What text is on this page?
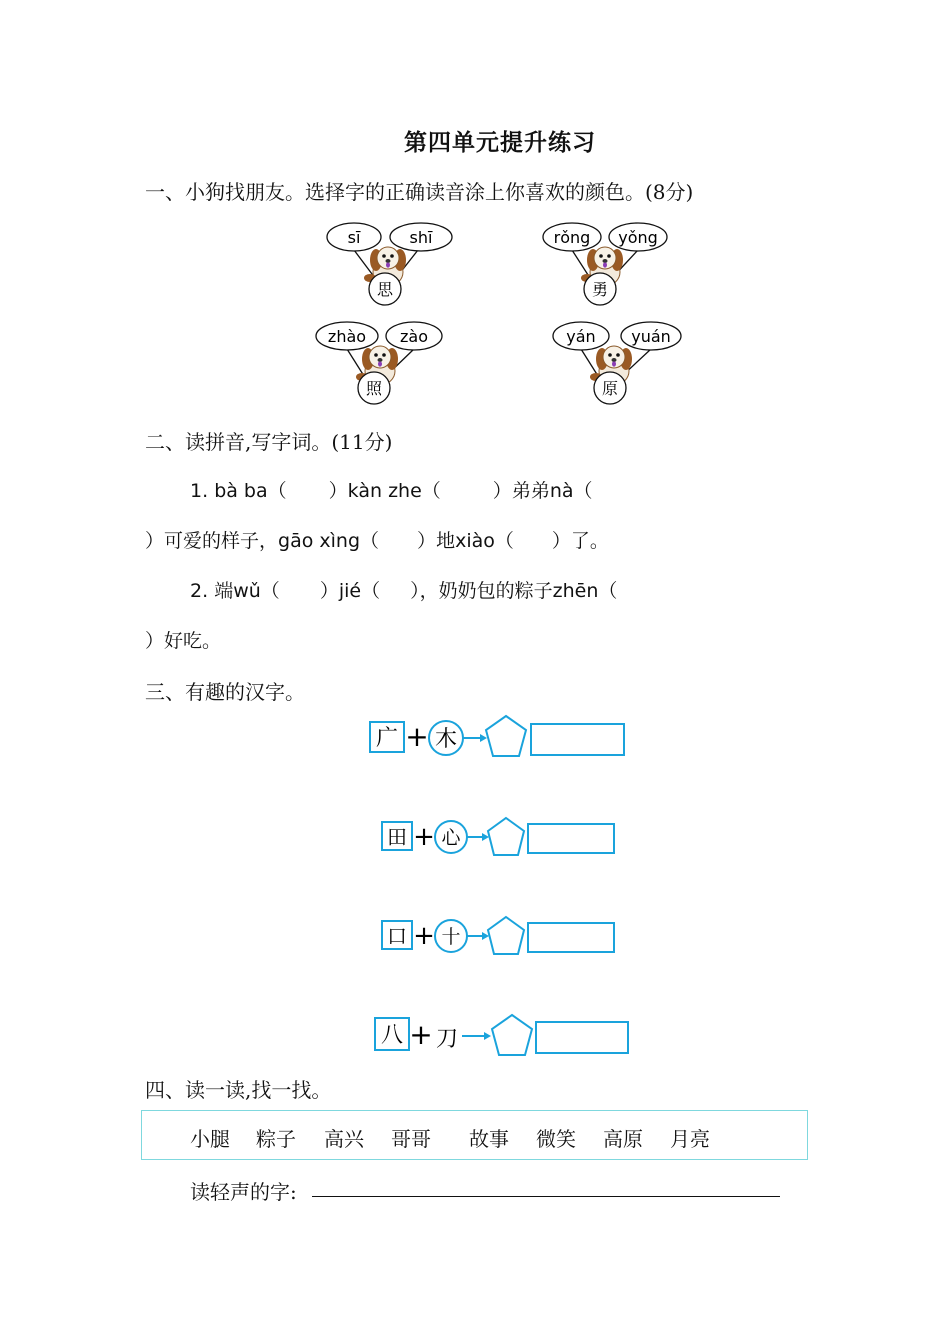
第四单元提升练习
一、小狗找朋友。选择字的正确读音涂上你喜欢的颜色。(8分)
sī	shī
思
rǒng yǒng
勇
zhào zào
照
yán yuán
原
二、读拼音,写字词。(11分)
1. bà ba（ ）kàn zhe（	）弟弟nà（
）可爱的样子，gāo xìng（ ）地xiào（ ）了。
2. 端wǔ（ ）jié（ ），奶奶包的粽子zhēn（
）好吃。
三、有趣的汉字。
广 + 木
田 + 心
口 + 十
八 + 刀
四、读一读,找一找。
小腿 粽子 高兴 哥哥 故事 微笑 高原 月亮
读轻声的字:
